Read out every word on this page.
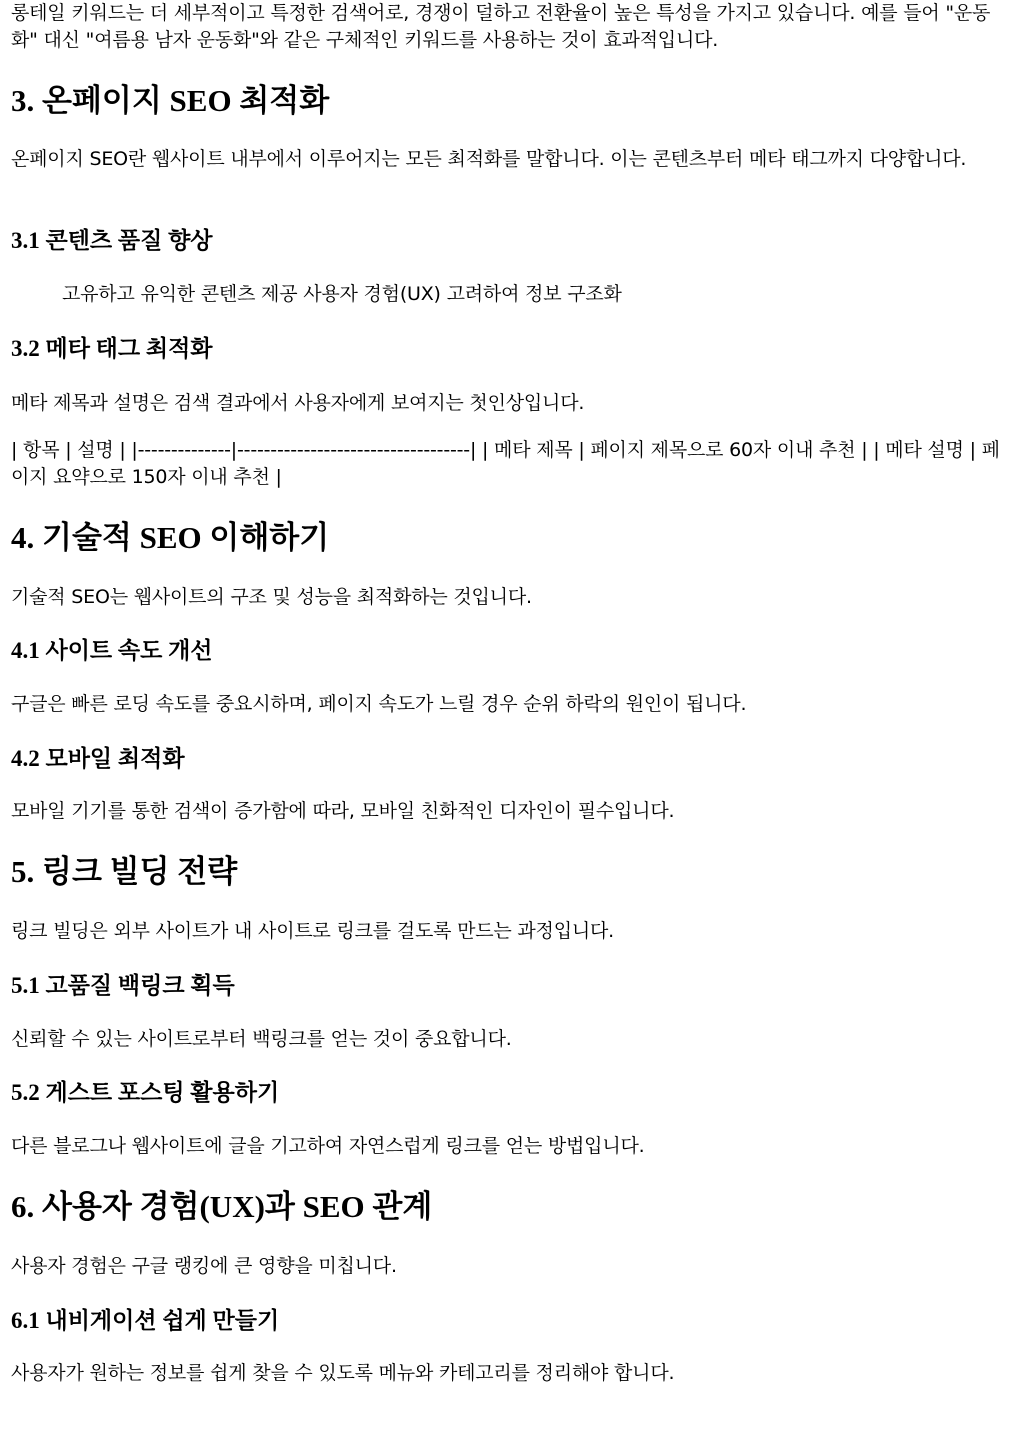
롱테일 키워드는 더 세부적이고 특정한 검색어로, 경쟁이 덜하고 전환율이 높은 특성을 가지고 있습니다. 예를 들어 "운동화" 대신 "여름용 남자 운동화"와 같은 구체적인 키워드를 사용하는 것이 효과적입니다.

3. 온페이지 SEO 최적화

온페이지 SEO란 웹사이트 내부에서 이루어지는 모든 최적화를 말합니다. 이는 콘텐츠부터 메타 태그까지 다양합니다.

3.1 콘텐츠 품질 향상

고유하고 유익한 콘텐츠 제공 사용자 경험(UX) 고려하여 정보 구조화

3.2 메타 태그 최적화

메타 제목과 설명은 검색 결과에서 사용자에게 보여지는 첫인상입니다.

| 항목 | 설명 | |--------------|-----------------------------------| | 메타 제목 | 페이지 제목으로 60자 이내 추천 | | 메타 설명 | 페이지 요약으로 150자 이내 추천 |

4. 기술적 SEO 이해하기

기술적 SEO는 웹사이트의 구조 및 성능을 최적화하는 것입니다.

4.1 사이트 속도 개선

구글은 빠른 로딩 속도를 중요시하며, 페이지 속도가 느릴 경우 순위 하락의 원인이 됩니다.

4.2 모바일 최적화

모바일 기기를 통한 검색이 증가함에 따라, 모바일 친화적인 디자인이 필수입니다.

5. 링크 빌딩 전략

링크 빌딩은 외부 사이트가 내 사이트로 링크를 걸도록 만드는 과정입니다.

5.1 고품질 백링크 획득

신뢰할 수 있는 사이트로부터 백링크를 얻는 것이 중요합니다.

5.2 게스트 포스팅 활용하기

다른 블로그나 웹사이트에 글을 기고하여 자연스럽게 링크를 얻는 방법입니다.

6. 사용자 경험(UX)과 SEO 관계

사용자 경험은 구글 랭킹에 큰 영향을 미칩니다.

6.1 내비게이션 쉽게 만들기

사용자가 원하는 정보를 쉽게 찾을 수 있도록 메뉴와 카테고리를 정리해야 합니다.
